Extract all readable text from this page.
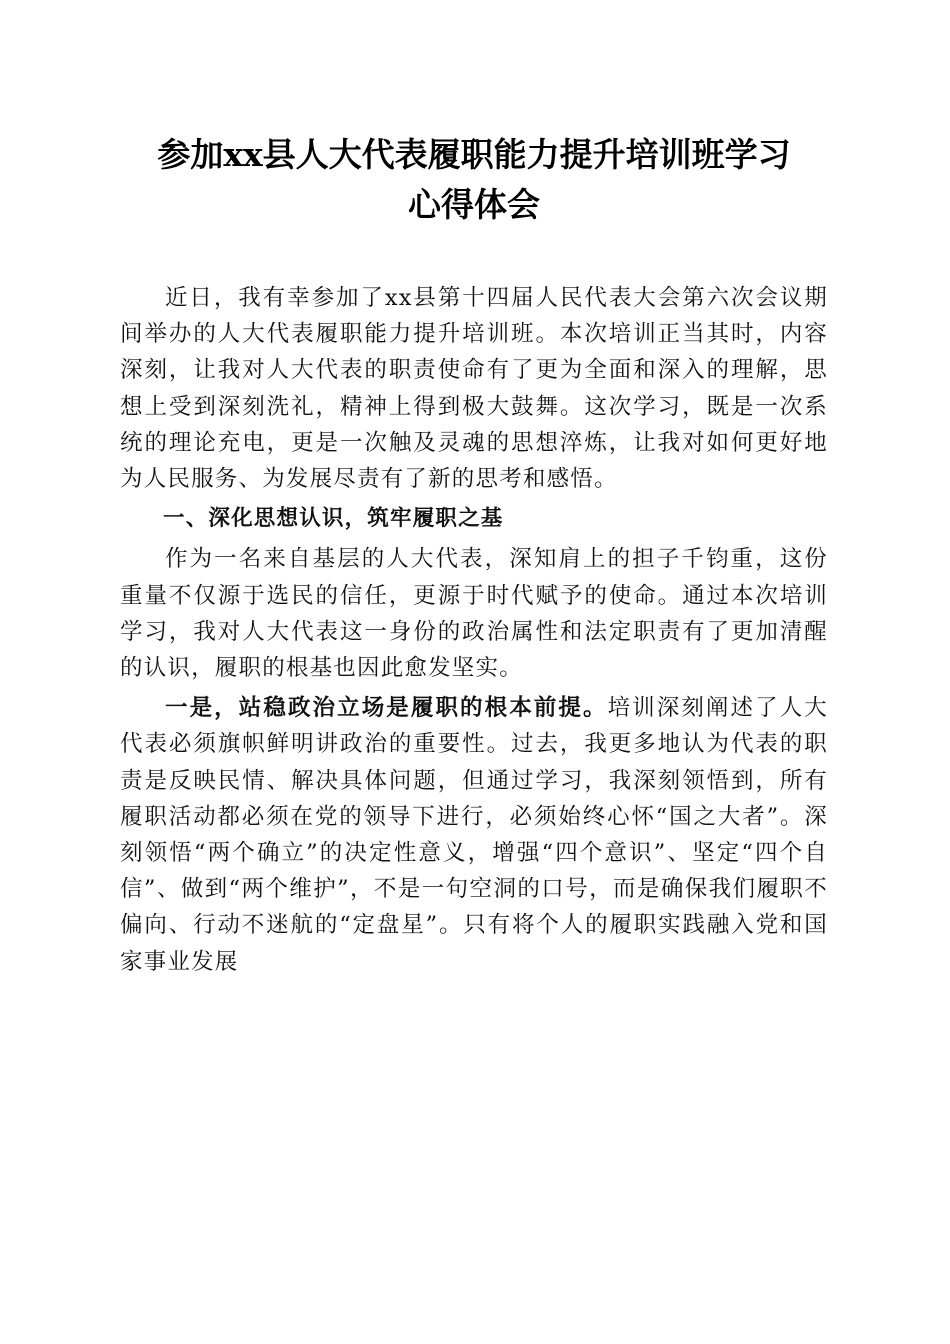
参加xx县人大代表履职能力提升培训班学习
心得体会

近日，我有幸参加了xx县第十四届人民代表大会第六次会议期间举办的人大代表履职能力提升培训班。本次培训正当其时，内容深刻，让我对人大代表的职责使命有了更为全面和深入的理解，思想上受到深刻洗礼，精神上得到极大鼓舞。这次学习，既是一次系统的理论充电，更是一次触及灵魂的思想淬炼，让我对如何更好地为人民服务、为发展尽责有了新的思考和感悟。

一、深化思想认识，筑牢履职之基

作为一名来自基层的人大代表，深知肩上的担子千钧重，这份重量不仅源于选民的信任，更源于时代赋予的使命。通过本次培训学习，我对人大代表这一身份的政治属性和法定职责有了更加清醒的认识，履职的根基也因此愈发坚实。

一是，站稳政治立场是履职的根本前提。培训深刻阐述了人大代表必须旗帜鲜明讲政治的重要性。过去，我更多地认为代表的职责是反映民情、解决具体问题，但通过学习，我深刻领悟到，所有履职活动都必须在党的领导下进行，必须始终心怀“国之大者”。深刻领悟“两个确立”的决定性意义，增强“四个意识”、坚定“四个自信”、做到“两个维护”，不是一句空洞的口号，而是确保我们履职不偏向、行动不迷航的“定盘星”。只有将个人的履职实践融入党和国家事业发展
